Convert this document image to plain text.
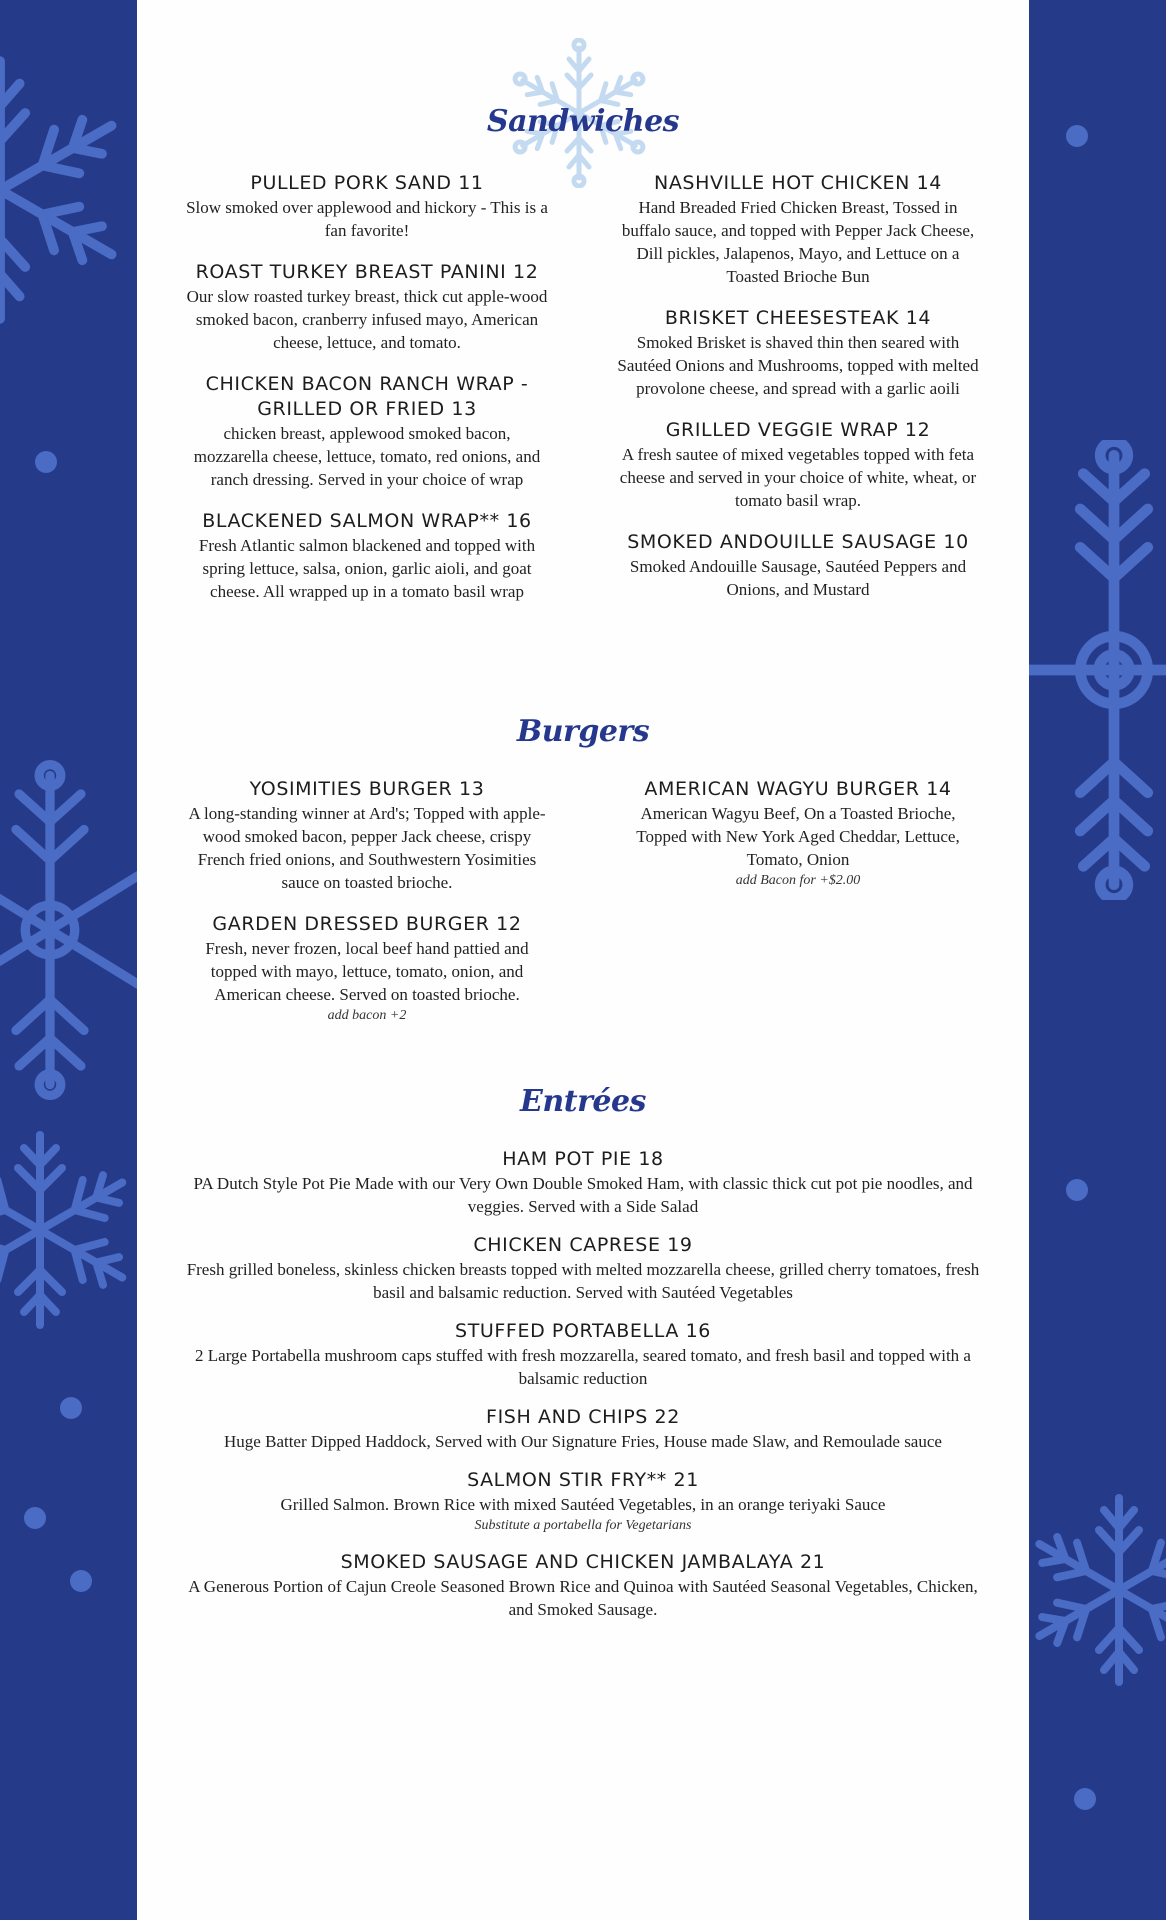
Sandwiches

PULLED PORK SAND 11

Slow smoked over applewood and hickory - This is a fan favorite!

ROAST TURKEY BREAST PANINI 12

Our slow roasted turkey breast, thick cut apple-wood smoked bacon, cranberry infused mayo, American cheese, lettuce, and tomato.

CHICKEN BACON RANCH WRAP - GRILLED OR FRIED 13

chicken breast, applewood smoked bacon, mozzarella cheese, lettuce, tomato, red onions, and ranch dressing. Served in your choice of wrap

BLACKENED SALMON WRAP** 16

Fresh Atlantic salmon blackened and topped with spring lettuce, salsa, onion, garlic aioli, and goat cheese. All wrapped up in a tomato basil wrap

NASHVILLE HOT CHICKEN 14

Hand Breaded Fried Chicken Breast, Tossed in buffalo sauce, and topped with Pepper Jack Cheese, Dill pickles, Jalapenos, Mayo, and Lettuce on a Toasted Brioche Bun

BRISKET CHEESESTEAK 14

Smoked Brisket is shaved thin then seared with Sautéed Onions and Mushrooms, topped with melted provolone cheese, and spread with a garlic aoili

GRILLED VEGGIE WRAP 12

A fresh sautee of mixed vegetables topped with feta cheese and served in your choice of white, wheat, or tomato basil wrap.

SMOKED ANDOUILLE SAUSAGE 10

Smoked Andouille Sausage, Sautéed Peppers and Onions, and Mustard

Burgers

YOSIMITIES BURGER 13

A long-standing winner at Ard's; Topped with apple-wood smoked bacon, pepper Jack cheese, crispy French fried onions, and Southwestern Yosimities sauce on toasted brioche.

GARDEN DRESSED BURGER 12

Fresh, never frozen, local beef hand pattied and topped with mayo, lettuce, tomato, onion, and American cheese. Served on toasted brioche.

add bacon +2

AMERICAN WAGYU BURGER 14

American Wagyu Beef, On a Toasted Brioche, Topped with New York Aged Cheddar, Lettuce, Tomato, Onion

add Bacon for +$2.00

Entrées

HAM POT PIE 18

PA Dutch Style Pot Pie Made with our Very Own Double Smoked Ham, with classic thick cut pot pie noodles, and veggies. Served with a Side Salad

CHICKEN CAPRESE 19

Fresh grilled boneless, skinless chicken breasts topped with melted mozzarella cheese, grilled cherry tomatoes, fresh basil and balsamic reduction. Served with Sautéed Vegetables

STUFFED PORTABELLA 16

2 Large Portabella mushroom caps stuffed with fresh mozzarella, seared tomato, and fresh basil and topped with a balsamic reduction

FISH AND CHIPS 22

Huge Batter Dipped Haddock, Served with Our Signature Fries, House made Slaw, and Remoulade sauce

SALMON STIR FRY** 21

Grilled Salmon. Brown Rice with mixed Sautéed Vegetables, in an orange teriyaki Sauce

Substitute a portabella for Vegetarians

SMOKED SAUSAGE AND CHICKEN JAMBALAYA 21

A Generous Portion of Cajun Creole Seasoned Brown Rice and Quinoa with Sautéed Seasonal Vegetables, Chicken, and Smoked Sausage.
